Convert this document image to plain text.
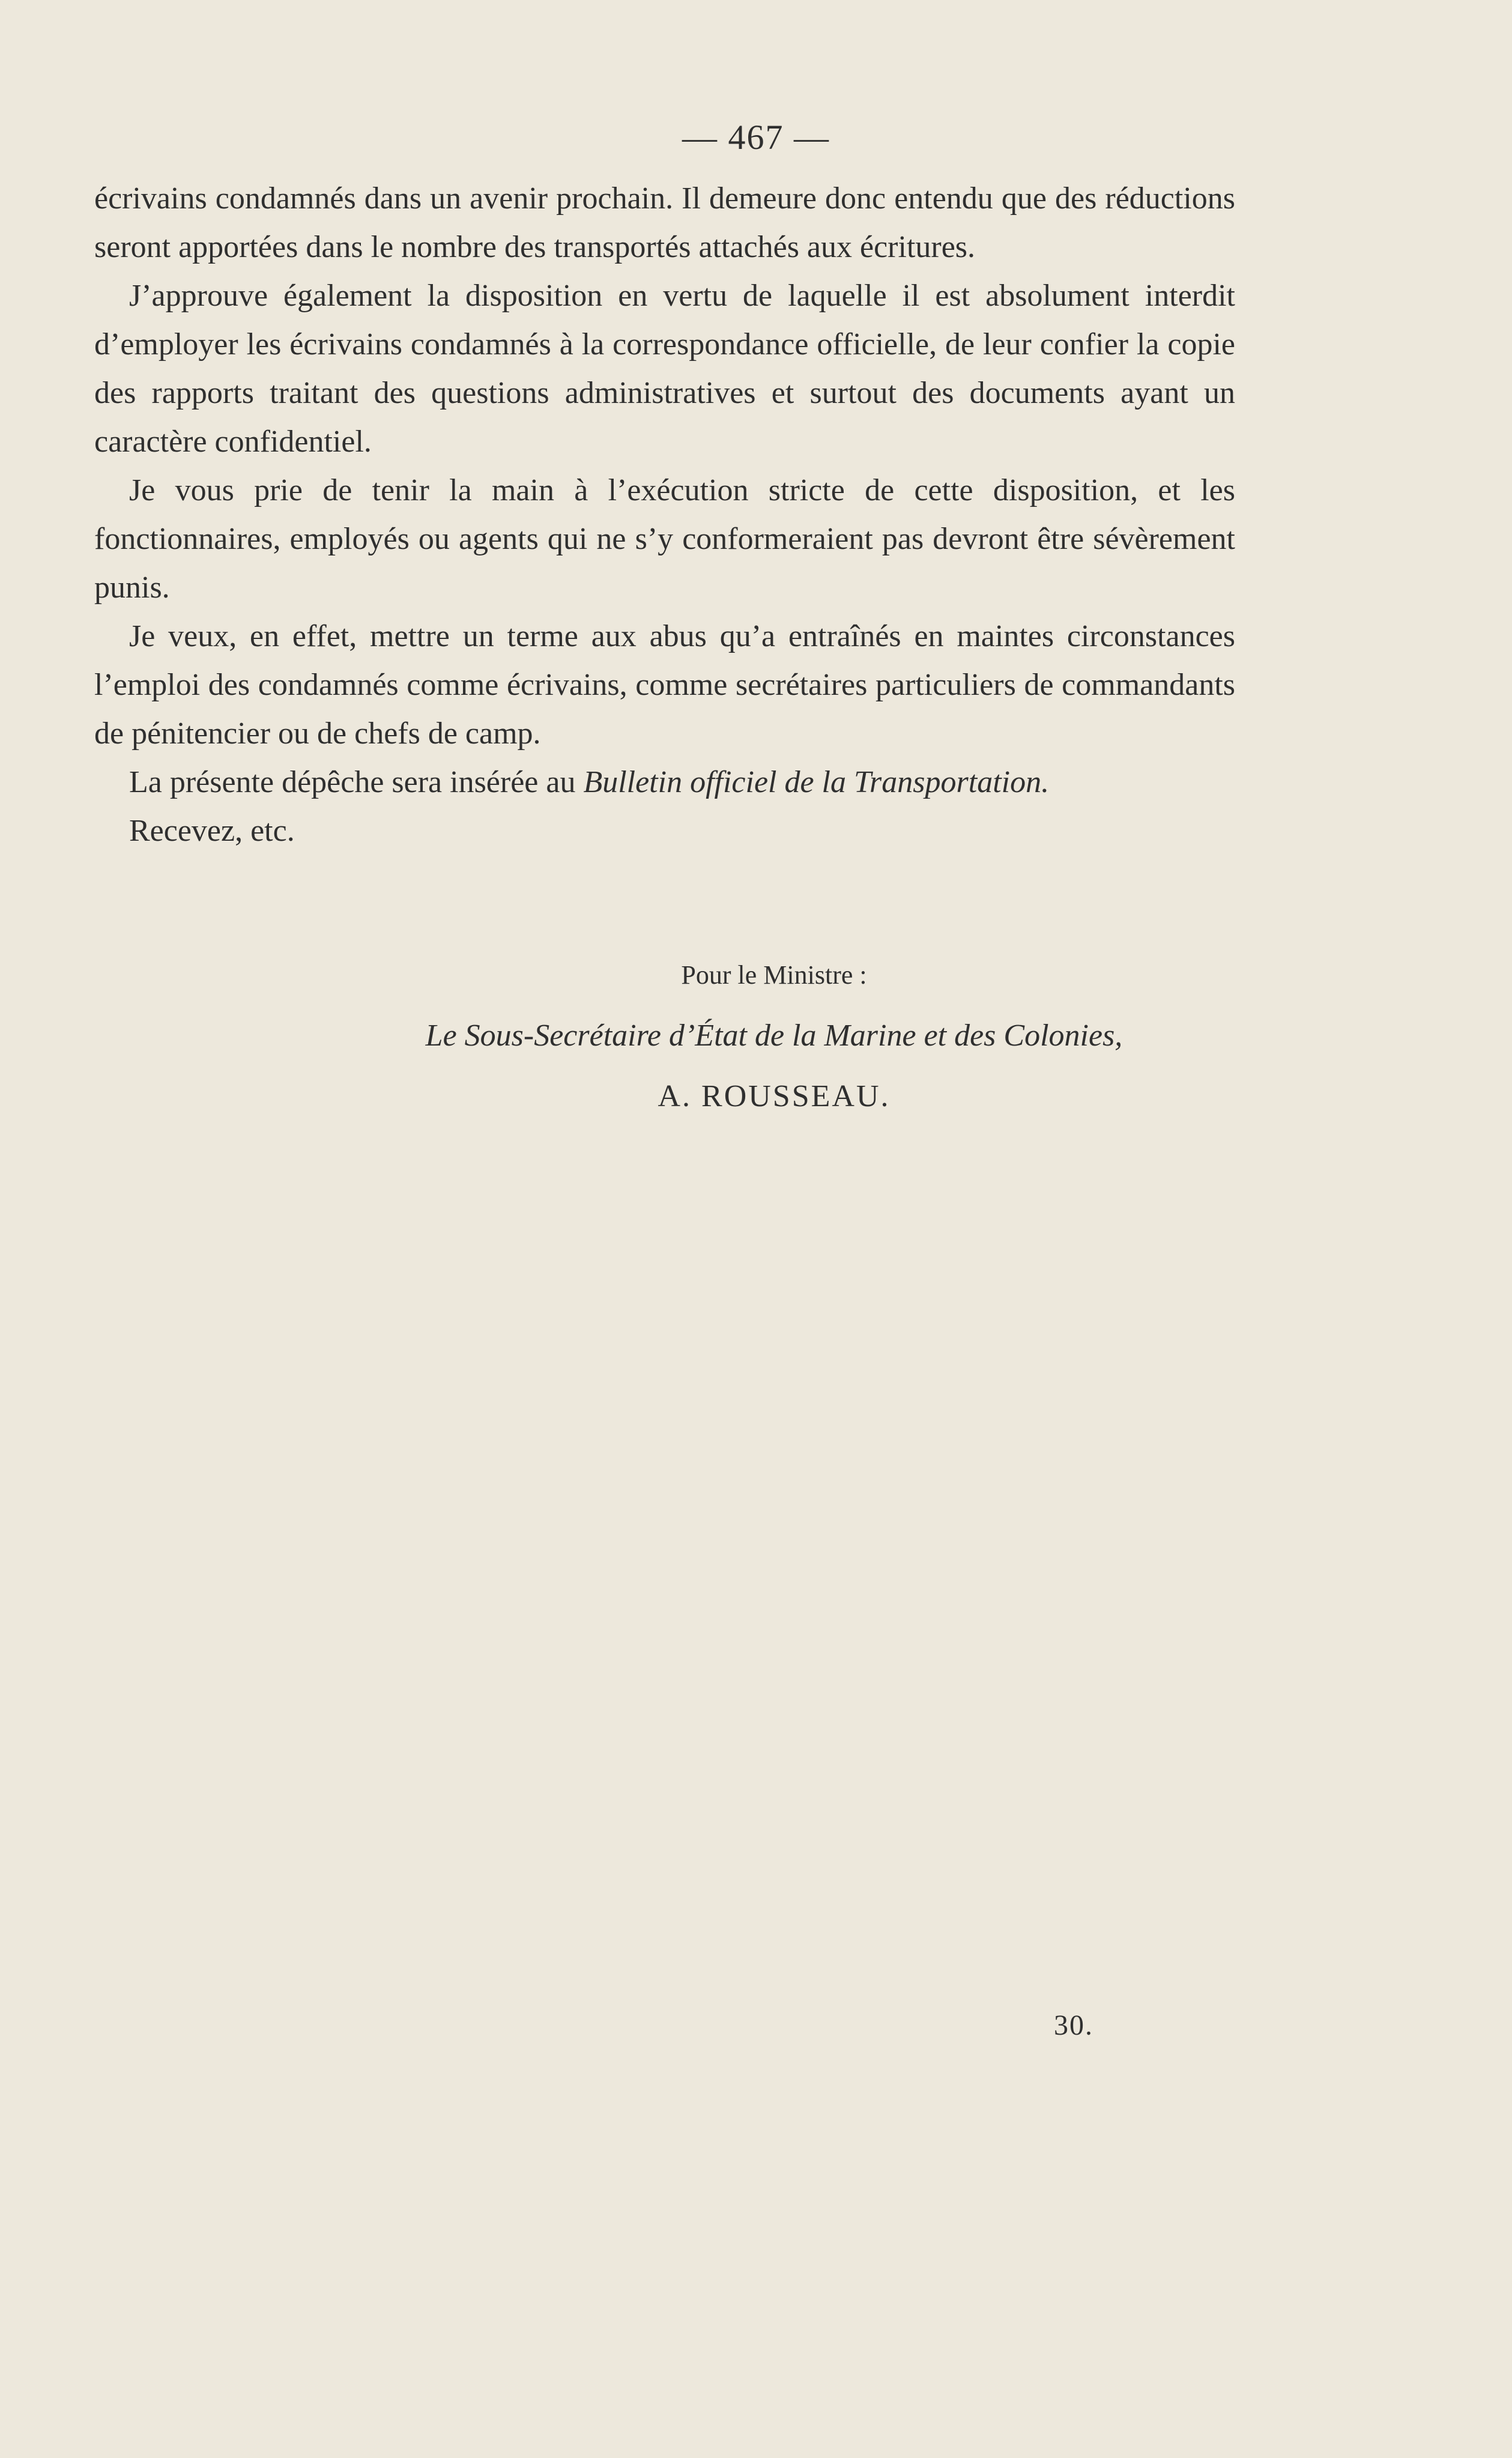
— 467 —

écrivains condamnés dans un avenir prochain. Il demeure donc entendu que des réductions seront apportées dans le nombre des transportés attachés aux écritures.

J’approuve également la disposition en vertu de laquelle il est absolument interdit d’employer les écrivains condamnés à la correspondance officielle, de leur confier la copie des rapports traitant des questions administratives et surtout des documents ayant un caractère confidentiel.

Je vous prie de tenir la main à l’exécution stricte de cette disposition, et les fonctionnaires, employés ou agents qui ne s’y conformeraient pas devront être sévèrement punis.

Je veux, en effet, mettre un terme aux abus qu’a entraînés en maintes circonstances l’emploi des condamnés comme écrivains, comme secrétaires particuliers de commandants de pénitencier ou de chefs de camp.

La présente dépêche sera insérée au Bulletin officiel de la Transportation.

Recevez, etc.

Pour le Ministre :
Le Sous-Secrétaire d’État de la Marine et des Colonies,
A. ROUSSEAU.
30.
